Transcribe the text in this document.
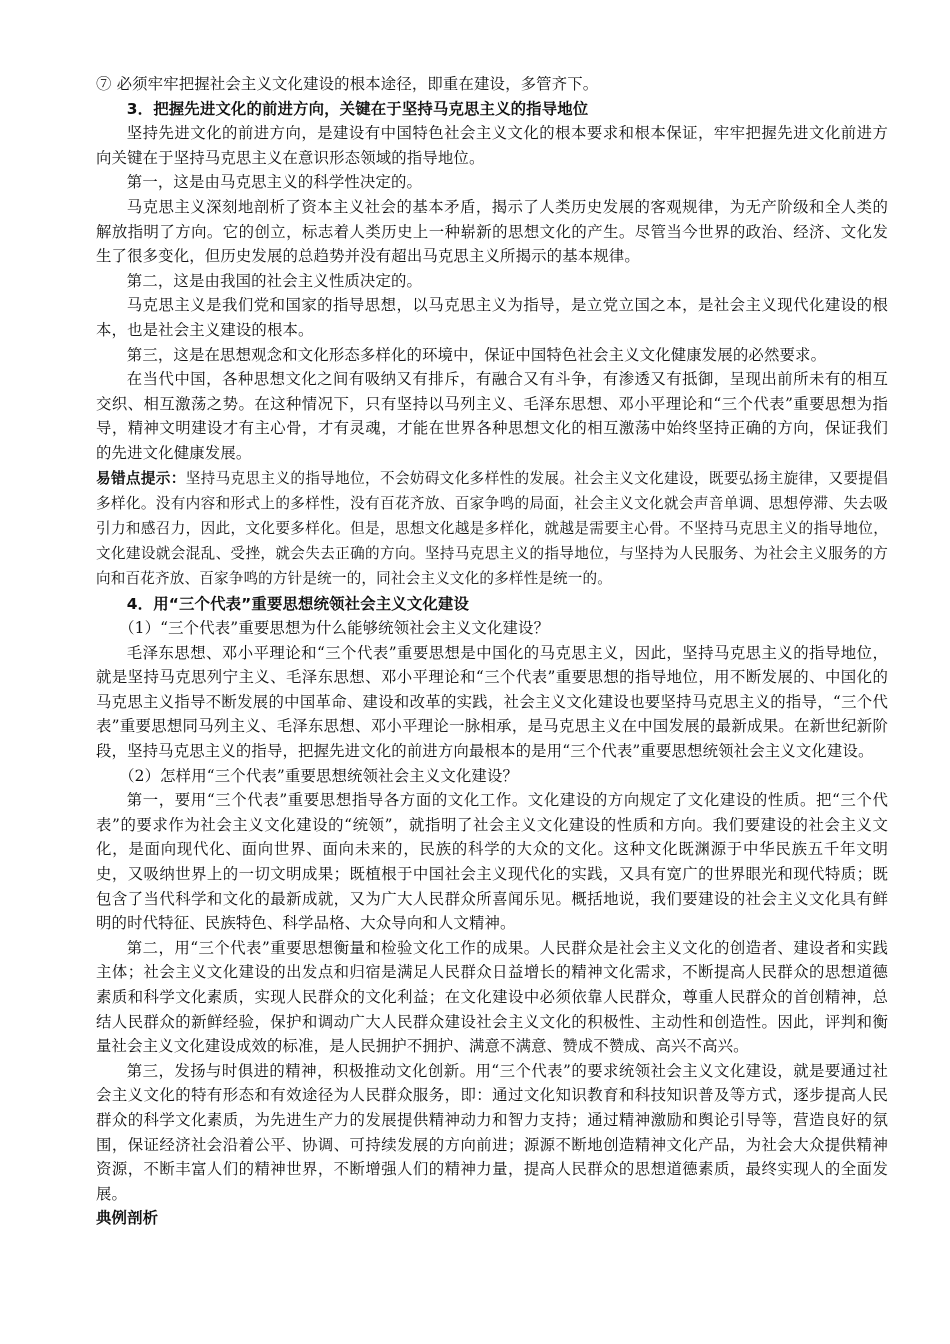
⑦ 必须牢牢把握社会主义文化建设的根本途径，即重在建设，多管齐下。

3．把握先进文化的前进方向，关键在于坚持马克思主义的指导地位

坚持先进文化的前进方向，是建设有中国特色社会主义文化的根本要求和根本保证，牢牢把握先进文化前进方向关键在于坚持马克思主义在意识形态领域的指导地位。

第一，这是由马克思主义的科学性决定的。

马克思主义深刻地剖析了资本主义社会的基本矛盾，揭示了人类历史发展的客观规律，为无产阶级和全人类的解放指明了方向。它的创立，标志着人类历史上一种崭新的思想文化的产生。尽管当今世界的政治、经济、文化发生了很多变化，但历史发展的总趋势并没有超出马克思主义所揭示的基本规律。

第二，这是由我国的社会主义性质决定的。

马克思主义是我们党和国家的指导思想，以马克思主义为指导，是立党立国之本，是社会主义现代化建设的根本，也是社会主义建设的根本。

第三，这是在思想观念和文化形态多样化的环境中，保证中国特色社会主义文化健康发展的必然要求。

在当代中国，各种思想文化之间有吸纳又有排斥，有融合又有斗争，有渗透又有抵御，呈现出前所未有的相互交织、相互激荡之势。在这种情况下，只有坚持以马列主义、毛泽东思想、邓小平理论和“三个代表”重要思想为指导，精神文明建设才有主心骨，才有灵魂，才能在世界各种思想文化的相互激荡中始终坚持正确的方向，保证我们的先进文化健康发展。

易错点提示：坚持马克思主义的指导地位，不会妨碍文化多样性的发展。社会主义文化建设，既要弘扬主旋律，又要提倡多样化。没有内容和形式上的多样性，没有百花齐放、百家争鸣的局面，社会主义文化就会声音单调、思想停滞、失去吸引力和感召力，因此，文化要多样化。但是，思想文化越是多样化，就越是需要主心骨。不坚持马克思主义的指导地位，文化建设就会混乱、受挫，就会失去正确的方向。坚持马克思主义的指导地位，与坚持为人民服务、为社会主义服务的方向和百花齐放、百家争鸣的方针是统一的，同社会主义文化的多样性是统一的。

4．用“三个代表”重要思想统领社会主义文化建设

（1）“三个代表”重要思想为什么能够统领社会主义文化建设？

毛泽东思想、邓小平理论和“三个代表”重要思想是中国化的马克思主义，因此，坚持马克思主义的指导地位，就是坚持马克思列宁主义、毛泽东思想、邓小平理论和“三个代表”重要思想的指导地位，用不断发展的、中国化的马克思主义指导不断发展的中国革命、建设和改革的实践，社会主义文化建设也要坚持马克思主义的指导，“三个代表”重要思想同马列主义、毛泽东思想、邓小平理论一脉相承，是马克思主义在中国发展的最新成果。在新世纪新阶段，坚持马克思主义的指导，把握先进文化的前进方向最根本的是用“三个代表”重要思想统领社会主义文化建设。

（2）怎样用“三个代表”重要思想统领社会主义文化建设？

第一，要用“三个代表”重要思想指导各方面的文化工作。文化建设的方向规定了文化建设的性质。把“三个代表”的要求作为社会主义文化建设的“统领”，就指明了社会主义文化建设的性质和方向。我们要建设的社会主义文化，是面向现代化、面向世界、面向未来的，民族的科学的大众的文化。这种文化既渊源于中华民族五千年文明史，又吸纳世界上的一切文明成果；既植根于中国社会主义现代化的实践，又具有宽广的世界眼光和现代特质；既包含了当代科学和文化的最新成就，又为广大人民群众所喜闻乐见。概括地说，我们要建设的社会主义文化具有鲜明的时代特征、民族特色、科学品格、大众导向和人文精神。

第二，用“三个代表”重要思想衡量和检验文化工作的成果。人民群众是社会主义文化的创造者、建设者和实践主体；社会主义文化建设的出发点和归宿是满足人民群众日益增长的精神文化需求，不断提高人民群众的思想道德素质和科学文化素质，实现人民群众的文化利益；在文化建设中必须依靠人民群众，尊重人民群众的首创精神，总结人民群众的新鲜经验，保护和调动广大人民群众建设社会主义文化的积极性、主动性和创造性。因此，评判和衡量社会主义文化建设成效的标准，是人民拥护不拥护、满意不满意、赞成不赞成、高兴不高兴。

第三，发扬与时俱进的精神，积极推动文化创新。用“三个代表”的要求统领社会主义文化建设，就是要通过社会主义文化的特有形态和有效途径为人民群众服务，即：通过文化知识教育和科技知识普及等方式，逐步提高人民群众的科学文化素质，为先进生产力的发展提供精神动力和智力支持；通过精神激励和舆论引导等，营造良好的氛围，保证经济社会沿着公平、协调、可持续发展的方向前进；源源不断地创造精神文化产品，为社会大众提供精神资源，不断丰富人们的精神世界，不断增强人们的精神力量，提高人民群众的思想道德素质，最终实现人的全面发展。

典例剖析
